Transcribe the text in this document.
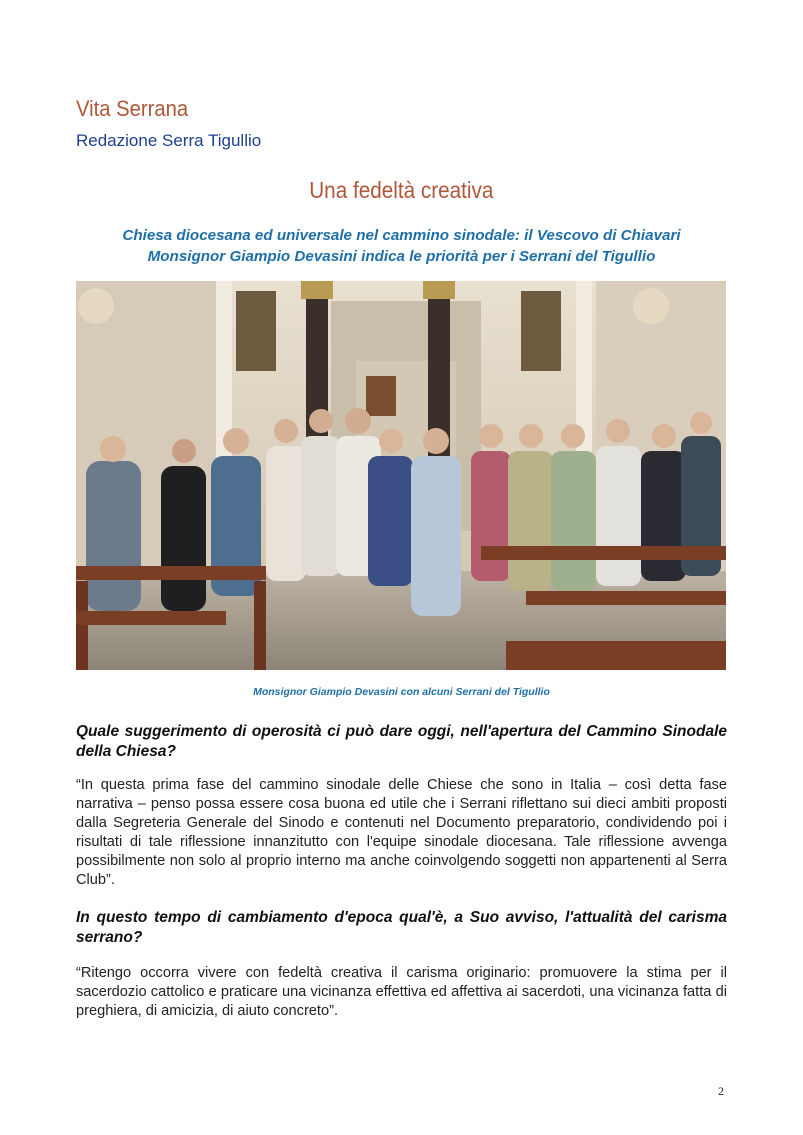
Vita Serrana
Redazione Serra Tigullio
Una fedeltà creativa
Chiesa diocesana ed universale nel cammino sinodale: il Vescovo di Chiavari
Monsignor Giampio Devasini indica le priorità per i Serrani del Tigullio
Monsignor Giampio Devasini con alcuni Serrani del Tigullio
Quale suggerimento di operosità ci può dare oggi, nell'apertura del Cammino Sinodale della Chiesa?
“In questa prima fase del cammino sinodale delle Chiese che sono in Italia – così detta fase narrativa – penso possa essere cosa buona ed utile che i Serrani riflettano sui dieci ambiti proposti dalla Segreteria Generale del Sinodo e contenuti nel Documento preparatorio, condividendo poi i risultati di tale riflessione innanzitutto con l'equipe sinodale diocesana. Tale riflessione avvenga possibilmente non solo al proprio interno ma anche coinvolgendo soggetti non appartenenti al Serra Club”.
In questo tempo di cambiamento d'epoca qual'è, a Suo avviso, l'attualità del carisma serrano?
“Ritengo occorra vivere con fedeltà creativa il carisma originario: promuovere la stima per il sacerdozio cattolico e praticare una vicinanza effettiva ed affettiva ai sacerdoti, una vicinanza fatta di preghiera, di amicizia, di aiuto concreto”.
2
